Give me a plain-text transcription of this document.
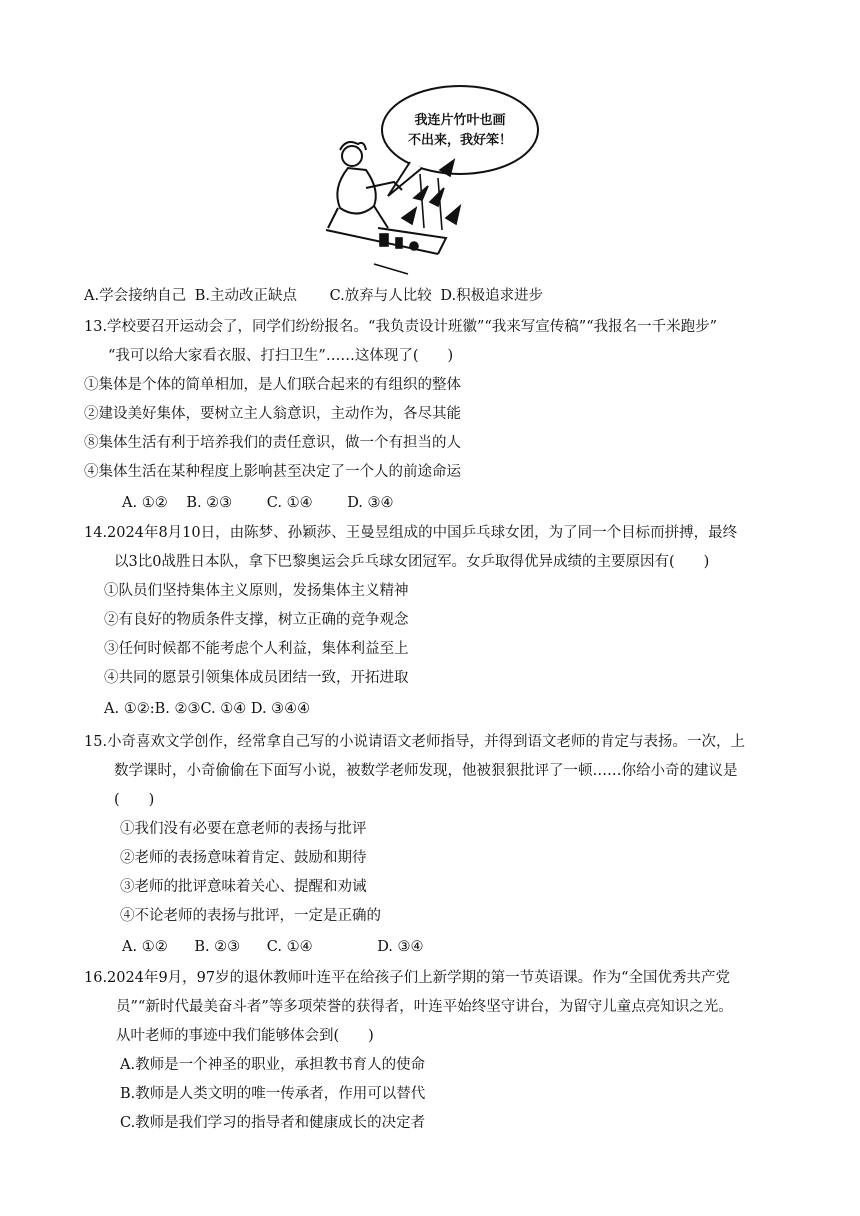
我连片竹叶也画
不出来，我好笨！
A.学会接纳自己 B.主动改正缺点 C.放弃与人比较 D.积极追求进步
13.学校要召开运动会了，同学们纷纷报名。“我负责设计班徽”“我来写宣传稿”“我报名一千米跑步”
“我可以给大家看衣服、打扫卫生”……这体现了(　　)
①集体是个体的简单相加，是人们联合起来的有组织的整体
②建设美好集体，要树立主人翁意识，主动作为，各尽其能
⑧集体生活有利于培养我们的责任意识，做一个有担当的人
④集体生活在某种程度上影响甚至决定了一个人的前途命运
A. ①② B. ②③ C. ①④ D. ③④
14.2024年8月10日，由陈梦、孙颖莎、王曼昱组成的中国乒乓球女团，为了同一个目标而拼搏，最终
以3比0战胜日本队，拿下巴黎奥运会乒乓球女团冠军。女乒取得优异成绩的主要原因有(　　)
①队员们坚持集体主义原则，发扬集体主义精神
②有良好的物质条件支撑，树立正确的竞争观念
③任何时候都不能考虑个人利益，集体利益至上
④共同的愿景引领集体成员团结一致，开拓进取
A. ①②:B. ②③C. ①④ D. ③④④
15.小奇喜欢文学创作，经常拿自己写的小说请语文老师指导，并得到语文老师的肯定与表扬。一次，上
数学课时，小奇偷偷在下面写小说，被数学老师发现，他被狠狠批评了一顿……你给小奇的建议是
(　　)
①我们没有必要在意老师的表扬与批评
②老师的表扬意味着肯定、鼓励和期待
③老师的批评意味着关心、提醒和劝诫
④不论老师的表扬与批评，一定是正确的
A. ①② B. ②③ C. ①④	D. ③④
16.2024年9月，97岁的退休教师叶连平在给孩子们上新学期的第一节英语课。作为“全国优秀共产党
员”“新时代最美奋斗者”等多项荣誉的获得者，叶连平始终坚守讲台，为留守儿童点亮知识之光。
从叶老师的事迹中我们能够体会到(　　)
A.教师是一个神圣的职业，承担教书育人的使命
B.教师是人类文明的唯一传承者，作用可以替代
C.教师是我们学习的指导者和健康成长的决定者
